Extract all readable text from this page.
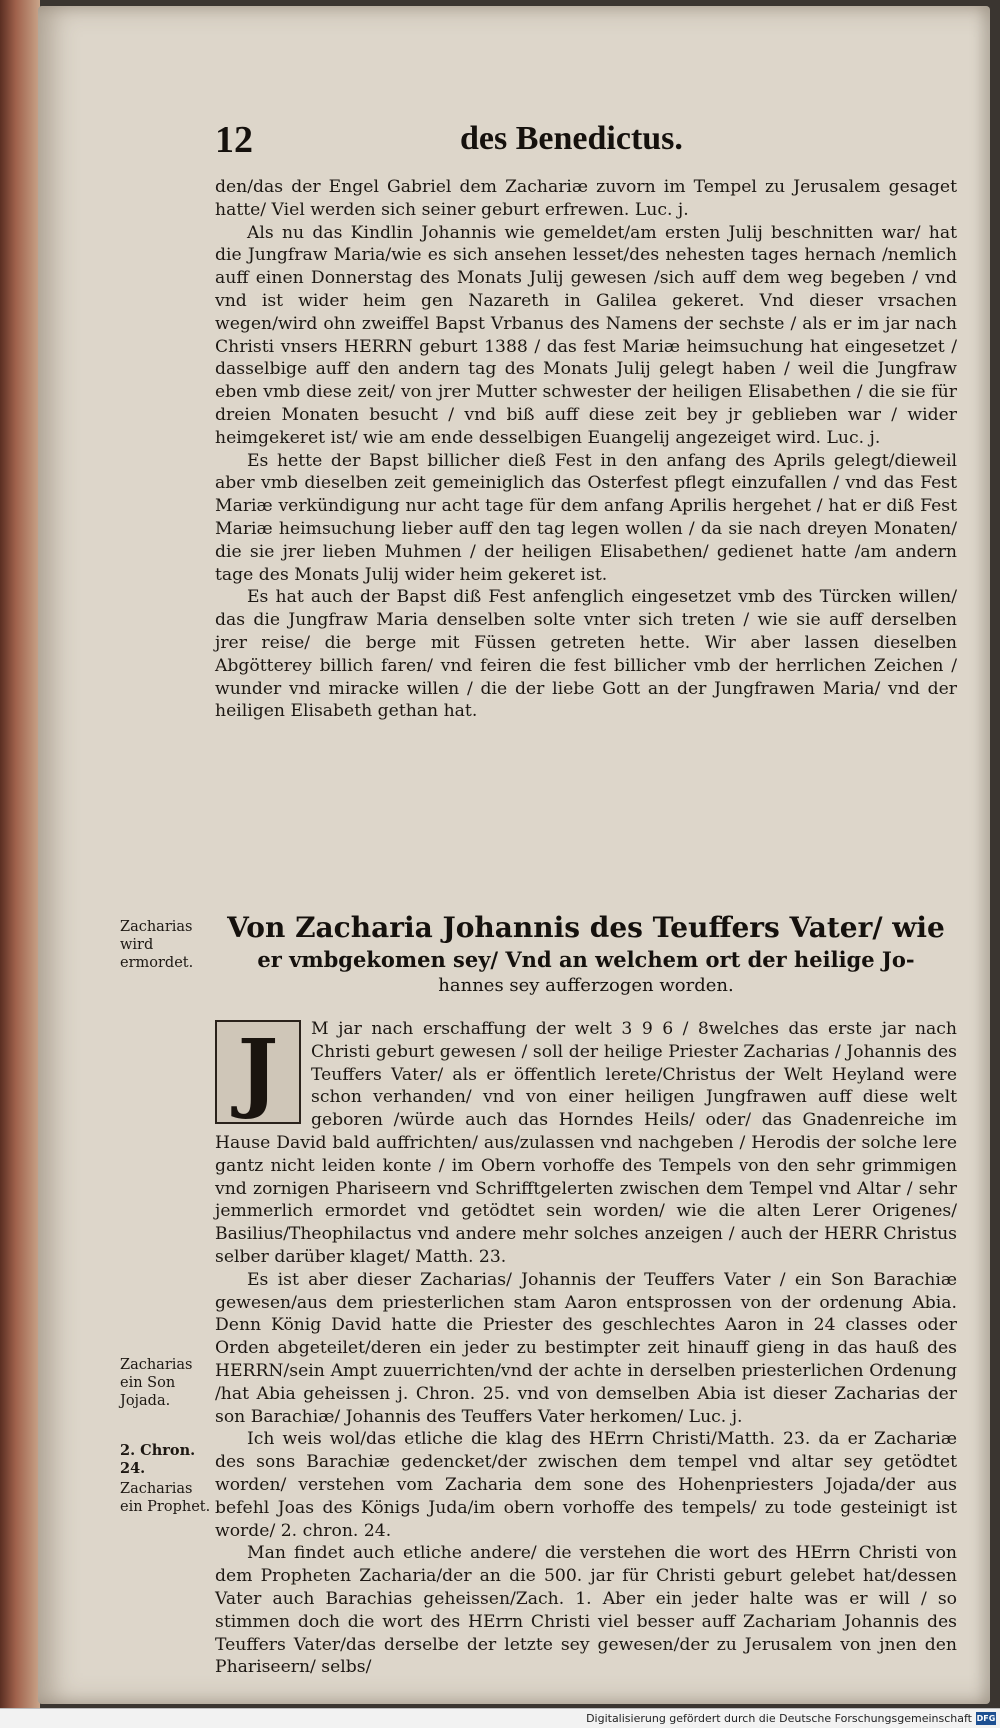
12	des Benedictus.

den/das der Engel Gabriel dem Zachariæ zuvorn im Tempel zu Jerusalem gesaget hatte/ Viel werden sich seiner geburt erfrewen. Luc. j.

Als nu das Kindlin Johannis wie gemeldet/am ersten Julij beschnitten war/ hat die Jungfraw Maria/wie es sich ansehen lesset/des nehesten tages hernach /nemlich auff einen Donnerstag des Monats Julij gewesen /sich auff dem weg begeben / vnd vnd ist wider heim gen Nazareth in Galilea gekeret. Vnd dieser vrsachen wegen/wird ohn zweiffel Bapst Vrbanus des Namens der sechste / als er im jar nach Christi vnsers HERRN geburt 1388 / das fest Mariæ heimsuchung hat eingesetzet / dasselbige auff den andern tag des Monats Julij gelegt haben / weil die Jungfraw eben vmb diese zeit/ von jrer Mutter schwester der heiligen Elisabethen / die sie für dreien Monaten besucht / vnd biß auff diese zeit bey jr geblieben war / wider heimgekeret ist/ wie am ende desselbigen Euangelij angezeiget wird. Luc. j.

Es hette der Bapst billicher dieß Fest in den anfang des Aprils gelegt/dieweil aber vmb dieselben zeit gemeiniglich das Osterfest pflegt einzufallen / vnd das Fest Mariæ verkündigung nur acht tage für dem anfang Aprilis hergehet / hat er diß Fest Mariæ heimsuchung lieber auff den tag legen wollen / da sie nach dreyen Monaten/ die sie jrer lieben Muhmen / der heiligen Elisabethen/ gedienet hatte /am andern tage des Monats Julij wider heim gekeret ist.

Es hat auch der Bapst diß Fest anfenglich eingesetzet vmb des Türcken willen/ das die Jungfraw Maria denselben solte vnter sich treten / wie sie auff derselben jrer reise/ die berge mit Füssen getreten hette. Wir aber lassen dieselben Abgötterey billich faren/ vnd feiren die fest billicher vmb der herrlichen Zeichen / wunder vnd miracke willen / die der liebe Gott an der Jungfrawen Maria/ vnd der heiligen Elisabeth gethan hat.

Von Zacharia Johannis des Teuffers Vater/ wie
er vmbgekomen sey/ Vnd an welchem ort der heilige Jo-
hannes sey aufferzogen worden.
J	M jar nach erschaffung der welt 3 9 6 / 8welches das erste jar nach Christi geburt gewesen / soll der heilige Priester Zacharias / Johannis des Teuffers Vater/ als er öffentlich lerete/Christus der Welt Heyland were schon verhanden/ vnd von einer heiligen Jungfrawen auff diese welt geboren /würde auch das Horndes Heils/ oder/ das Gnadenreiche im Hause David bald auffrichten/ aus/zulassen vnd nachgeben / Herodis der solche lere gantz nicht leiden konte / im Obern vorhoffe des Tempels von den sehr grimmigen vnd zornigen Phariseern vnd Schrifftgelerten zwischen dem Tempel vnd Altar / sehr jemmerlich ermordet vnd getödtet sein worden/ wie die alten Lerer Origenes/ Basilius/Theophilactus vnd andere mehr solches anzeigen / auch der HERR Christus selber darüber klaget/ Matth. 23.

Es ist aber dieser Zacharias/ Johannis der Teuffers Vater / ein Son Barachiæ gewesen/aus dem priesterlichen stam Aaron entsprossen von der ordenung Abia. Denn König David hatte die Priester des geschlechtes Aaron in 24 classes oder Orden abgeteilet/deren ein jeder zu bestimpter zeit hinauff gieng in das hauß des HERRN/sein Ampt zuuerrichten/vnd der achte in derselben priesterlichen Ordenung /hat Abia geheissen j. Chron. 25. vnd von demselben Abia ist dieser Zacharias der son Barachiæ/ Johannis des Teuffers Vater herkomen/ Luc. j.

Ich weis wol/das etliche die klag des HErrn Christi/Matth. 23. da er Zachariæ des sons Barachiæ gedencket/der zwischen dem tempel vnd altar sey getödtet worden/ verstehen vom Zacharia dem sone des Hohenpriesters Jojada/der aus befehl Joas des Königs Juda/im obern vorhoffe des tempels/ zu tode gesteinigt ist worde/ 2. chron. 24.

Man findet auch etliche andere/ die verstehen die wort des HErrn Christi von dem Propheten Zacharia/der an die 500. jar für Christi geburt gelebet hat/dessen Vater auch Barachias geheissen/Zach. 1. Aber ein jeder halte was er will / so stimmen doch die wort des HErrn Christi viel besser auff Zachariam Johannis des Teuffers Vater/das derselbe der letzte sey gewesen/der zu Jerusalem von jnen den Phariseern/ selbs/

Zacharias wird ermordet.
Zacharias ein Son Jojada.
2. Chron. 24.
Zacharias ein Prophet.
Digitalisierung gefördert durch die Deutsche Forschungsgemeinschaft DFG
